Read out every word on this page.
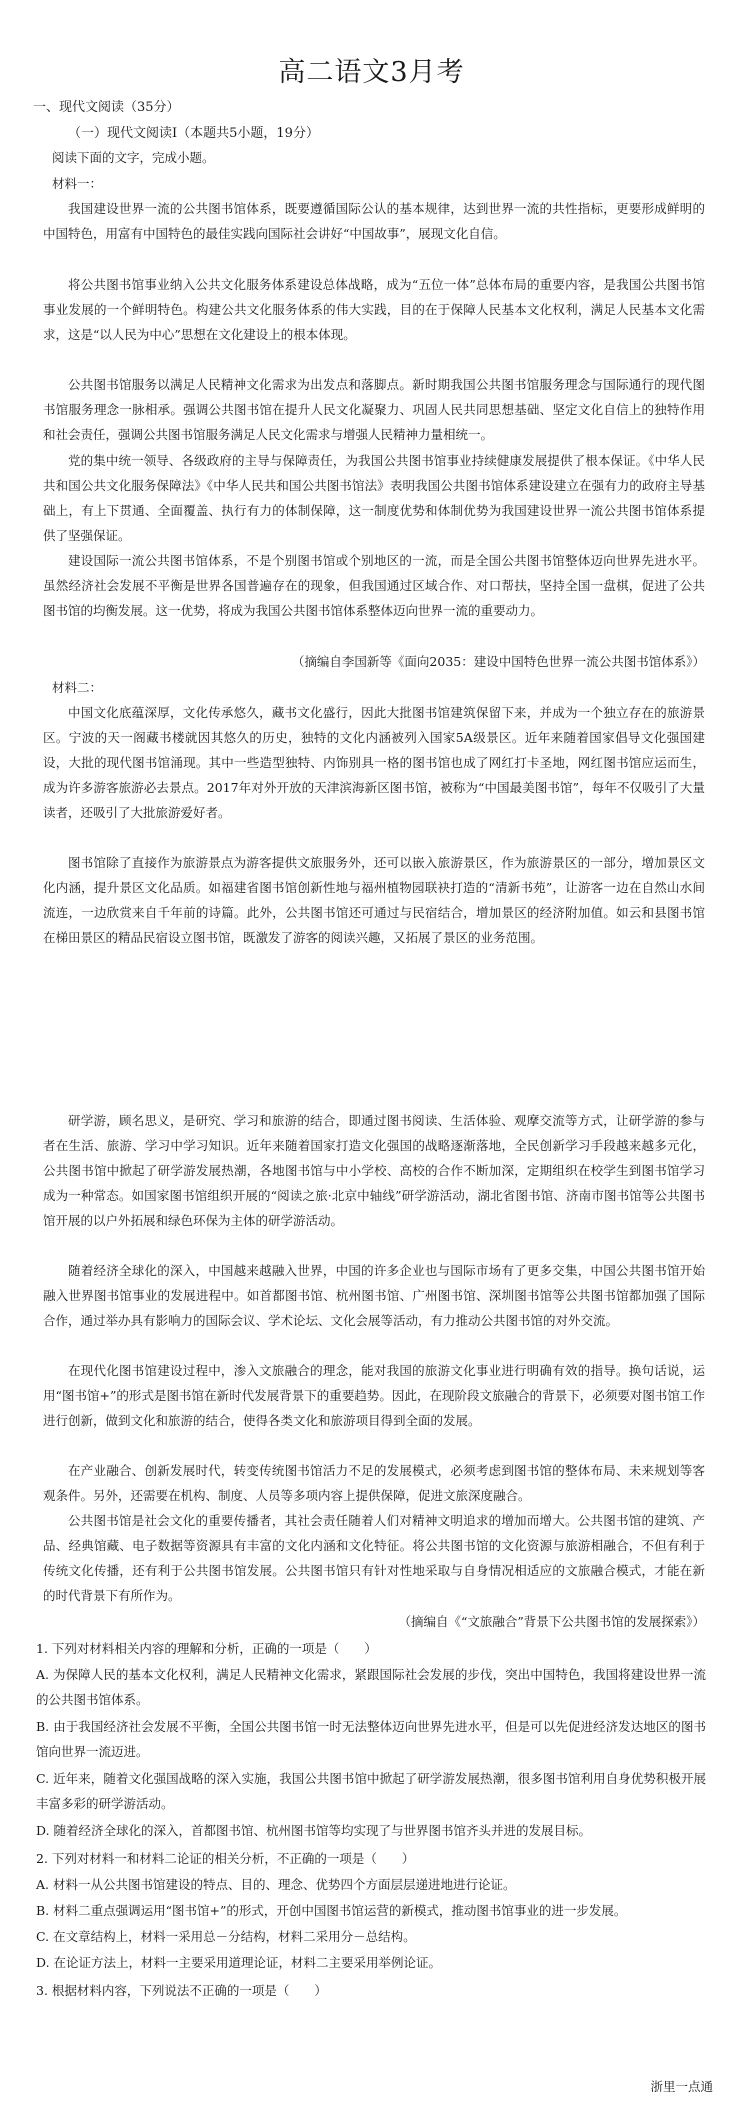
高二语文3月考
一、现代文阅读（35分）
（一）现代文阅读Ⅰ（本题共5小题，19分）
阅读下面的文字，完成小题。
材料一：

我国建设世界一流的公共图书馆体系，既要遵循国际公认的基本规律，达到世界一流的共性指标，更要形成鲜明的中国特色，用富有中国特色的最佳实践向国际社会讲好“中国故事”，展现文化自信。

将公共图书馆事业纳入公共文化服务体系建设总体战略，成为“五位一体”总体布局的重要内容，是我国公共图书馆事业发展的一个鲜明特色。构建公共文化服务体系的伟大实践，目的在于保障人民基本文化权利，满足人民基本文化需求，这是“以人民为中心”思想在文化建设上的根本体现。

公共图书馆服务以满足人民精神文化需求为出发点和落脚点。新时期我国公共图书馆服务理念与国际通行的现代图书馆服务理念一脉相承。强调公共图书馆在提升人民文化凝聚力、巩固人民共同思想基础、坚定文化自信上的独特作用和社会责任，强调公共图书馆服务满足人民文化需求与增强人民精神力量相统一。

党的集中统一领导、各级政府的主导与保障责任，为我国公共图书馆事业持续健康发展提供了根本保证。《中华人民共和国公共文化服务保障法》《中华人民共和国公共图书馆法》表明我国公共图书馆体系建设建立在强有力的政府主导基础上，有上下贯通、全面覆盖、执行有力的体制保障，这一制度优势和体制优势为我国建设世界一流公共图书馆体系提供了坚强保证。

建设国际一流公共图书馆体系，不是个别图书馆或个别地区的一流，而是全国公共图书馆整体迈向世界先进水平。虽然经济社会发展不平衡是世界各国普遍存在的现象，但我国通过区域合作、对口帮扶，坚持全国一盘棋，促进了公共图书馆的均衡发展。这一优势，将成为我国公共图书馆体系整体迈向世界一流的重要动力。

（摘编自李国新等《面向2035：建设中国特色世界一流公共图书馆体系》）
材料二：

中国文化底蕴深厚，文化传承悠久，藏书文化盛行，因此大批图书馆建筑保留下来，并成为一个独立存在的旅游景区。宁波的天一阁藏书楼就因其悠久的历史，独特的文化内涵被列入国家5A级景区。近年来随着国家倡导文化强国建设，大批的现代图书馆涌现。其中一些造型独特、内饰别具一格的图书馆也成了网红打卡圣地，网红图书馆应运而生，成为许多游客旅游必去景点。2017年对外开放的天津滨海新区图书馆，被称为“中国最美图书馆”，每年不仅吸引了大量读者，还吸引了大批旅游爱好者。

图书馆除了直接作为旅游景点为游客提供文旅服务外，还可以嵌入旅游景区，作为旅游景区的一部分，增加景区文化内涵，提升景区文化品质。如福建省图书馆创新性地与福州植物园联袂打造的“清新书苑”，让游客一边在自然山水间流连，一边欣赏来自千年前的诗篇。此外，公共图书馆还可通过与民宿结合，增加景区的经济附加值。如云和县图书馆在梯田景区的精品民宿设立图书馆，既激发了游客的阅读兴趣，又拓展了景区的业务范围。

研学游，顾名思义，是研究、学习和旅游的结合，即通过图书阅读、生活体验、观摩交流等方式，让研学游的参与者在生活、旅游、学习中学习知识。近年来随着国家打造文化强国的战略逐渐落地，全民创新学习手段越来越多元化，公共图书馆中掀起了研学游发展热潮，各地图书馆与中小学校、高校的合作不断加深，定期组织在校学生到图书馆学习成为一种常态。如国家图书馆组织开展的“阅读之旅·北京中轴线”研学游活动，湖北省图书馆、济南市图书馆等公共图书馆开展的以户外拓展和绿色环保为主体的研学游活动。

随着经济全球化的深入，中国越来越融入世界，中国的许多企业也与国际市场有了更多交集，中国公共图书馆开始融入世界图书馆事业的发展进程中。如首都图书馆、杭州图书馆、广州图书馆、深圳图书馆等公共图书馆都加强了国际合作，通过举办具有影响力的国际会议、学术论坛、文化会展等活动，有力推动公共图书馆的对外交流。

在现代化图书馆建设过程中，渗入文旅融合的理念，能对我国的旅游文化事业进行明确有效的指导。换句话说，运用“图书馆+”的形式是图书馆在新时代发展背景下的重要趋势。因此，在现阶段文旅融合的背景下，必须要对图书馆工作进行创新，做到文化和旅游的结合，使得各类文化和旅游项目得到全面的发展。

在产业融合、创新发展时代，转变传统图书馆活力不足的发展模式，必须考虑到图书馆的整体布局、未来规划等客观条件。另外，还需要在机构、制度、人员等多项内容上提供保障，促进文旅深度融合。

公共图书馆是社会文化的重要传播者，其社会责任随着人们对精神文明追求的增加而增大。公共图书馆的建筑、产品、经典馆藏、电子数据等资源具有丰富的文化内涵和文化特征。将公共图书馆的文化资源与旅游相融合，不但有利于传统文化传播，还有利于公共图书馆发展。公共图书馆只有针对性地采取与自身情况相适应的文旅融合模式，才能在新的时代背景下有所作为。

（摘编自《“文旅融合”背景下公共图书馆的发展探索》）

1. 下列对材料相关内容的理解和分析，正确的一项是（　　）

A. 为保障人民的基本文化权利，满足人民精神文化需求，紧跟国际社会发展的步伐，突出中国特色，我国将建设世界一流的公共图书馆体系。

B. 由于我国经济社会发展不平衡，全国公共图书馆一时无法整体迈向世界先进水平，但是可以先促进经济发达地区的图书馆向世界一流迈进。

C. 近年来，随着文化强国战略的深入实施，我国公共图书馆中掀起了研学游发展热潮，很多图书馆利用自身优势积极开展丰富多彩的研学游活动。

D. 随着经济全球化的深入，首都图书馆、杭州图书馆等均实现了与世界图书馆齐头并进的发展目标。

2. 下列对材料一和材料二论证的相关分析，不正确的一项是（　　）

A. 材料一从公共图书馆建设的特点、目的、理念、优势四个方面层层递进地进行论证。

B. 材料二重点强调运用“图书馆+”的形式，开创中国图书馆运营的新模式，推动图书馆事业的进一步发展。

C. 在文章结构上，材料一采用总－分结构，材料二采用分－总结构。

D. 在论证方法上，材料一主要采用道理论证，材料二主要采用举例论证。

3. 根据材料内容，下列说法不正确的一项是（　　）

浙里一点通
